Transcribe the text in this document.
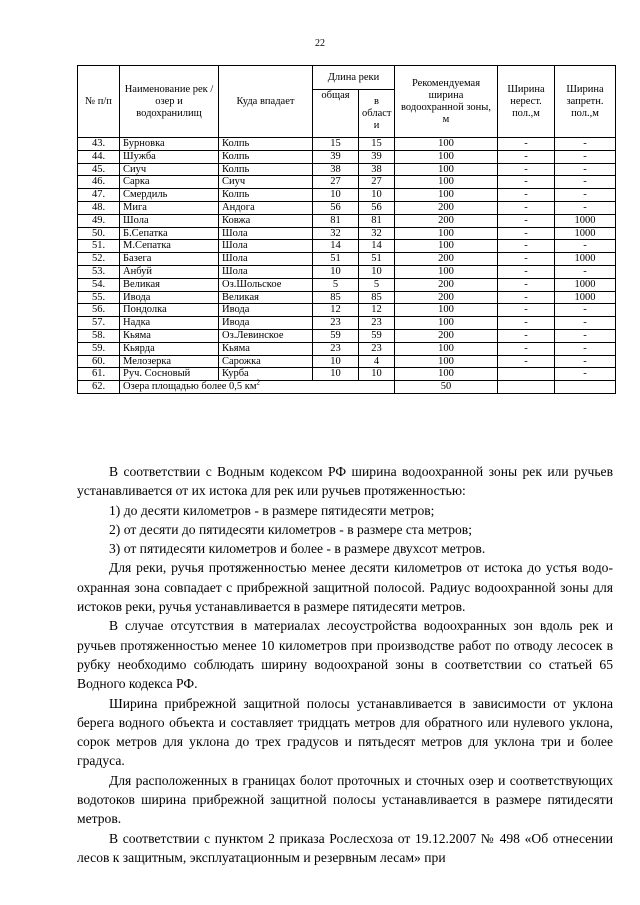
22
№ п/п	Наименование рек / озер и водохранилищ	Куда впадает	Длина реки		Рекомендуемая ширина водоохранной зоны, м	Ширина нерест. пол.,м	Ширина запретн. пол.,м
			общая	в област и			
43.	Бурновка	Колпь	15	15	100	-	-
44.	Шужба	Колпь	39	39	100	-	-
45.	Сиуч	Колпь	38	38	100	-	-
46.	Сарка	Сиуч	27	27	100	-	-
47.	Смердиль	Колпь	10	10	100	-	-
48.	Мига	Андога	56	56	200	-	-
49.	Шола	Ковжа	81	81	200	-	1000
50.	Б.Сепатка	Шола	32	32	100	-	1000
51.	М.Сепатка	Шола	14	14	100	-	-
52.	Базега	Шола	51	51	200	-	1000
53.	Анбуй	Шола	10	10	100	-	-
54.	Великая	Оз.Шольское	5	5	200	-	1000
55.	Ивода	Великая	85	85	200	-	1000
56.	Пондолка	Ивода	12	12	100	-	-
57.	Надка	Ивода	23	23	100	-	-
58.	Кьяма	Оз.Левинское	59	59	200	-	-
59.	Кьярда	Кьяма	23	23	100	-	-
60.	Мелозерка	Сарожка	10	4	100	-	-
61.	Руч. Сосновый	Курба	10	10	100		-
62.	Озера площадью более 0,5 $км^2$				50		

В соответствии с Водным кодексом РФ ширина водоохранной зоны рек или ручьев устанавливается от их истока для рек или ручьев протяженностью:

1) до десяти километров - в размере пятидесяти метров;

2) от десяти до пятидесяти километров - в размере ста метров;

3) от пятидесяти километров и более - в размере двухсот метров.

Для реки, ручья протяженностью менее десяти километров от истока до устья водо-охранная зона совпадает с прибрежной защитной полосой. Радиус водоохранной зоны для истоков реки, ручья устанавливается в размере пятидесяти метров.

В случае отсутствия в материалах лесоустройства водоохранных зон вдоль рек и ручьев протяженностью менее 10 километров при производстве работ по отводу лесосек в рубку необходимо соблюдать ширину водоохраной зоны в соответствии со статьей 65 Водного кодекса РФ.

Ширина прибрежной защитной полосы устанавливается в зависимости от уклона берега водного объекта и составляет тридцать метров для обратного или нулевого уклона, сорок метров для уклона до трех градусов и пятьдесят метров для уклона три и более градуса.

Для расположенных в границах болот проточных и сточных озер и соответствующих водотоков ширина прибрежной защитной полосы устанавливается в размере пятидесяти метров.

В соответствии с пунктом 2 приказа Рослесхоза от 19.12.2007 № 498 «Об отнесении лесов к защитным, эксплуатационным и резервным лесам» при
